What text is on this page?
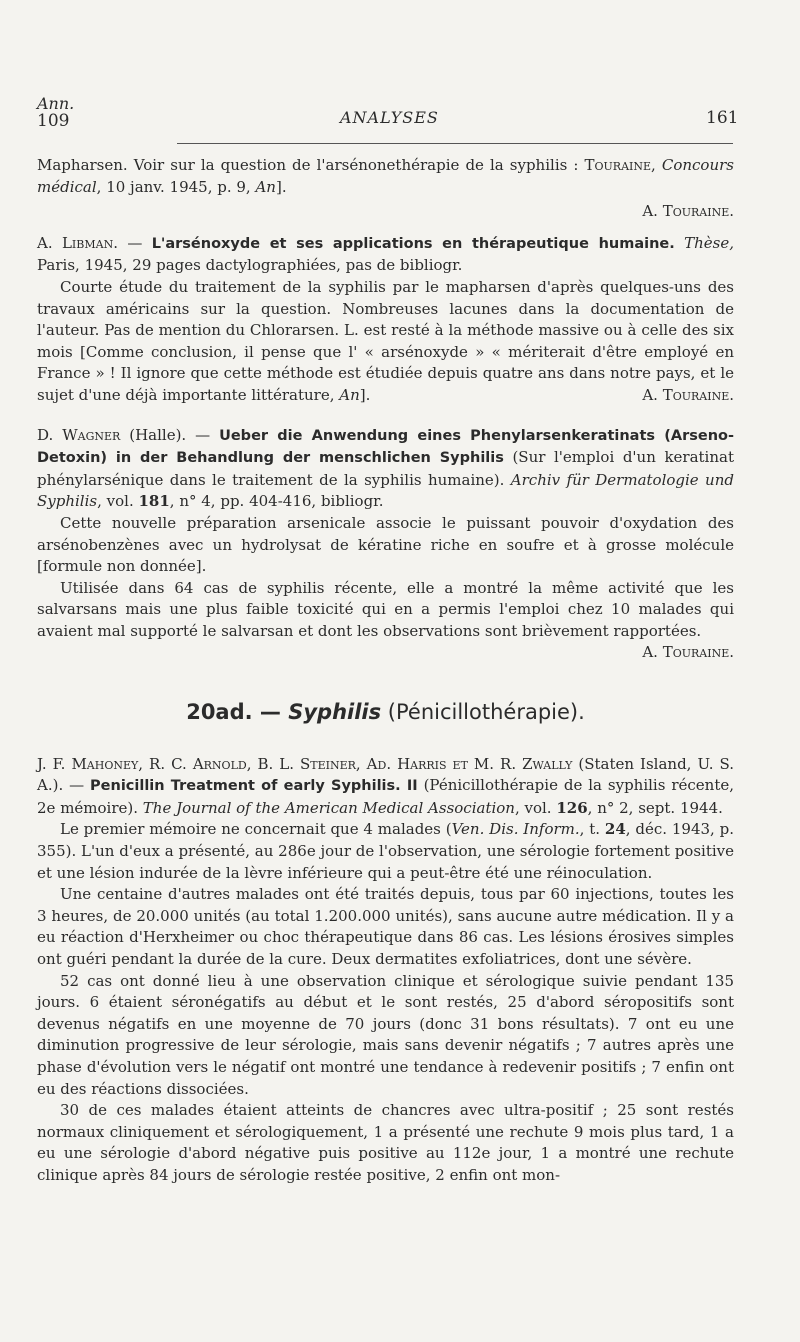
Ann.
109	ANALYSES	161

Mapharsen. Voir sur la question de l'arsénonethérapie de la syphilis : Touraine, Concours médical, 10 janv. 1945, p. 9, An].

A. Touraine.

A. Libman. — L'arsénoxyde et ses applications en thérapeutique humaine. Thèse, Paris, 1945, 29 pages dactylographiées, pas de bibliogr.

Courte étude du traitement de la syphilis par le mapharsen d'après quelques-uns des travaux américains sur la question. Nombreuses lacunes dans la documentation de l'auteur. Pas de mention du Chlorarsen. L. est resté à la méthode massive ou à celle des six mois [Comme conclusion, il pense que l' « arsénoxyde » « mériterait d'être employé en France » ! Il ignore que cette méthode est étudiée depuis quatre ans dans notre pays, et le sujet d'une déjà importante littérature, An].	A. Touraine.

D. Wagner (Halle). — Ueber die Anwendung eines Phenylarsenkeratinats (Arseno-Detoxin) in der Behandlung der menschlichen Syphilis (Sur l'emploi d'un keratinat phénylarsénique dans le traitement de la syphilis humaine). Archiv für Dermatologie und Syphilis, vol. 181, n° 4, pp. 404-416, bibliogr.

Cette nouvelle préparation arsenicale associe le puissant pouvoir d'oxydation des arsénobenzènes avec un hydrolysat de kératine riche en soufre et à grosse molécule [formule non donnée].

Utilisée dans 64 cas de syphilis récente, elle a montré la même activité que les salvarsans mais une plus faible toxicité qui en a permis l'emploi chez 10 malades qui avaient mal supporté le salvarsan et dont les observations sont brièvement rapportées.
A. Touraine.

20ad. — Syphilis (Pénicillothérapie).

J. F. Mahoney, R. C. Arnold, B. L. Steiner, Ad. Harris et M. R. Zwally (Staten Island, U. S. A.). — Penicillin Treatment of early Syphilis. II (Pénicillothérapie de la syphilis récente, 2e mémoire). The Journal of the American Medical Association, vol. 126, n° 2, sept. 1944.

Le premier mémoire ne concernait que 4 malades (Ven. Dis. Inform., t. 24, déc. 1943, p. 355). L'un d'eux a présenté, au 286e jour de l'observation, une sérologie fortement positive et une lésion indurée de la lèvre inférieure qui a peut-être été une réinoculation.

Une centaine d'autres malades ont été traités depuis, tous par 60 injections, toutes les 3 heures, de 20.000 unités (au total 1.200.000 unités), sans aucune autre médication. Il y a eu réaction d'Herxheimer ou choc thérapeutique dans 86 cas. Les lésions érosives simples ont guéri pendant la durée de la cure. Deux dermatites exfoliatrices, dont une sévère.

52 cas ont donné lieu à une observation clinique et sérologique suivie pendant 135 jours. 6 étaient séronégatifs au début et le sont restés, 25 d'abord séropositifs sont devenus négatifs en une moyenne de 70 jours (donc 31 bons résultats). 7 ont eu une diminution progressive de leur sérologie, mais sans devenir négatifs ; 7 autres après une phase d'évolution vers le négatif ont montré une tendance à redevenir positifs ; 7 enfin ont eu des réactions dissociées.

30 de ces malades étaient atteints de chancres avec ultra-positif ; 25 sont restés normaux cliniquement et sérologiquement, 1 a présenté une rechute 9 mois plus tard, 1 a eu une sérologie d'abord négative puis positive au 112e jour, 1 a montré une rechute clinique après 84 jours de sérologie restée positive, 2 enfin ont mon-
